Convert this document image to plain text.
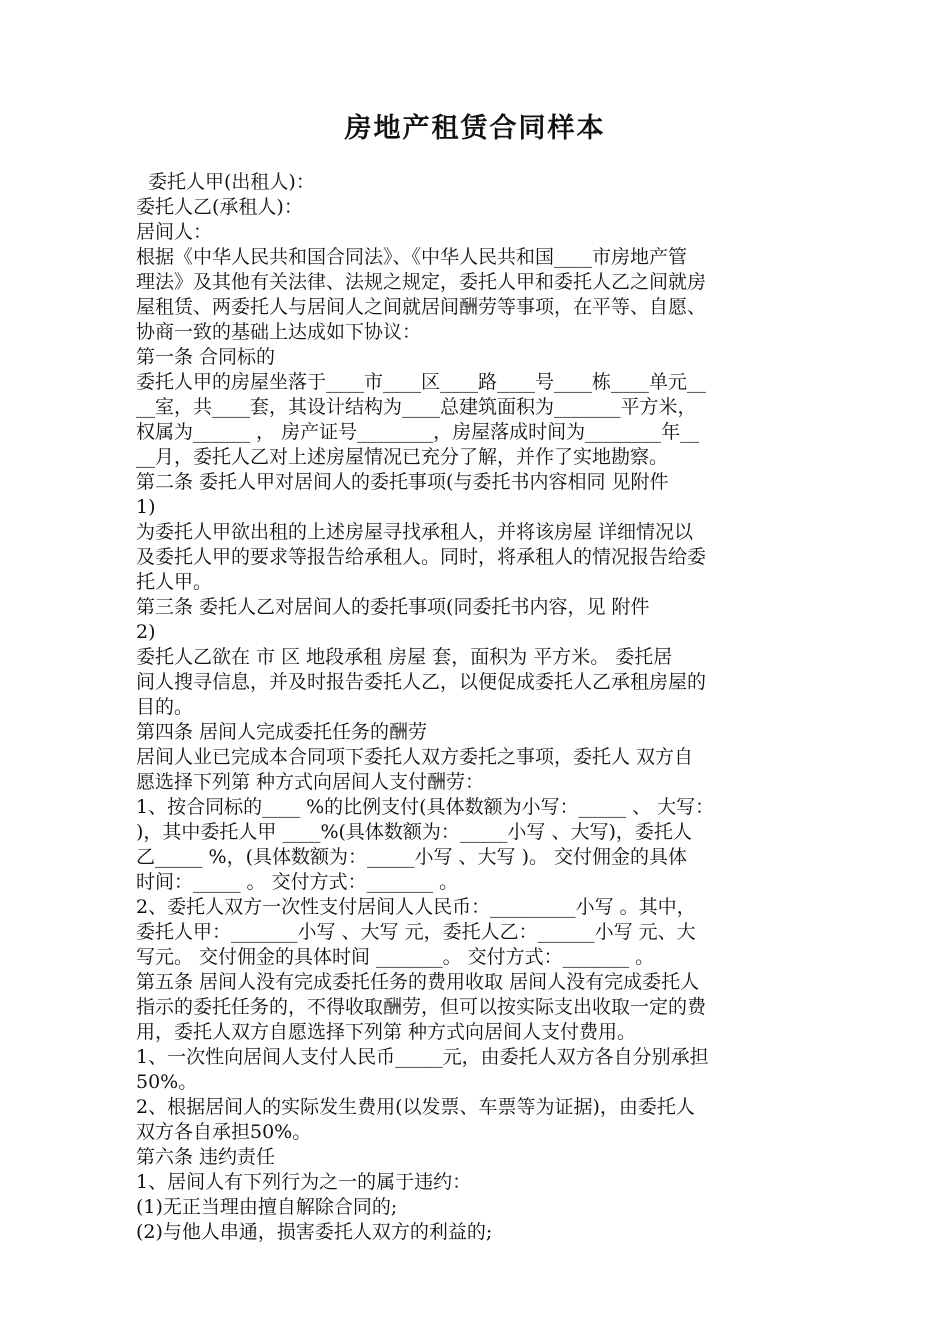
房地产租赁合同样本
委托人甲(出租人)：
委托人乙(承租人)：
居间人：
根据《中华人民共和国合同法》、《中华人民共和国____市房地产管
理法》及其他有关法律、法规之规定，委托人甲和委托人乙之间就房
屋租赁、两委托人与居间人之间就居间酬劳等事项，在平等、自愿、
协商一致的基础上达成如下协议：
第一条 合同标的
委托人甲的房屋坐落于____市____区____路____号____栋____单元__
__室，共____套，其设计结构为____总建筑面积为_______平方米，
权属为______ ， 房产证号________，房屋落成时间为________年__
__月，委托人乙对上述房屋情况已充分了解，并作了实地勘察。
第二条 委托人甲对居间人的委托事项(与委托书内容相同 见附件
1)
为委托人甲欲出租的上述房屋寻找承租人，并将该房屋 详细情况以
及委托人甲的要求等报告给承租人。同时，将承租人的情况报告给委
托人甲。
第三条 委托人乙对居间人的委托事项(同委托书内容，见 附件
2)
委托人乙欲在 市 区 地段承租 房屋 套，面积为 平方米。 委托居
间人搜寻信息，并及时报告委托人乙，以便促成委托人乙承租房屋的
目的。
第四条 居间人完成委托任务的酬劳
居间人业已完成本合同项下委托人双方委托之事项，委托人 双方自
愿选择下列第 种方式向居间人支付酬劳：
1、按合同标的____ %的比例支付(具体数额为小写：_____ 、 大写：
)，其中委托人甲 ____%(具体数额为：_____小写 、大写)，委托人
乙_____ %，(具体数额为：_____小写 、大写 )。 交付佣金的具体
时间：_____ 。 交付方式：_______ 。
2、委托人双方一次性支付居间人人民币：_________小写 。其中，
委托人甲：_______小写 、大写 元，委托人乙：______小写 元、大
写元。 交付佣金的具体时间 _______。 交付方式：_______ 。
第五条 居间人没有完成委托任务的费用收取 居间人没有完成委托人
指示的委托任务的，不得收取酬劳，但可以按实际支出收取一定的费
用，委托人双方自愿选择下列第 种方式向居间人支付费用。
1、一次性向居间人支付人民币_____元，由委托人双方各自分别承担
50%。
2、根据居间人的实际发生费用(以发票、车票等为证据)，由委托人
双方各自承担50%。
第六条 违约责任
1、居间人有下列行为之一的属于违约：
(1)无正当理由擅自解除合同的;
(2)与他人串通，损害委托人双方的利益的;
